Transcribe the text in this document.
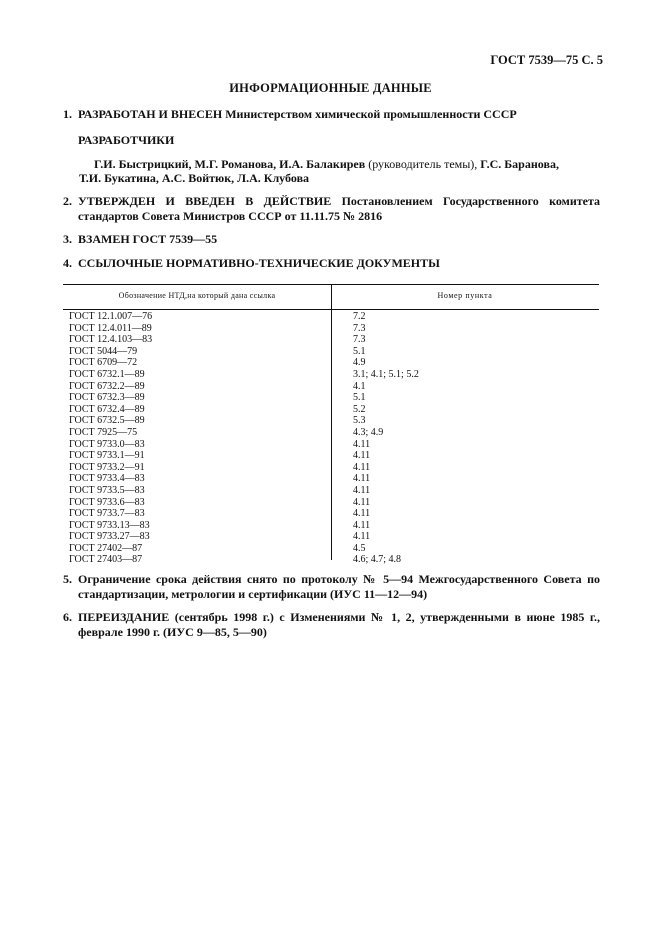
ГОСТ 7539—75 С. 5
ИНФОРМАЦИОННЫЕ ДАННЫЕ
1. РАЗРАБОТАН И ВНЕСЕН Министерством химической промышленности СССР
РАЗРАБОТЧИКИ
Г.И. Быстрицкий, М.Г. Романова, И.А. Балакирев (руководитель темы), Г.С. Баранова,
Т.И. Букатина, А.С. Войтюк, Л.А. Клубова
2. УТВЕРЖДЕН И ВВЕДЕН В ДЕЙСТВИЕ Постановлением Государственного комитета стандартов Совета Министров СССР от 11.11.75 № 2816
3. ВЗАМЕН ГОСТ 7539—55
4. ССЫЛОЧНЫЕ НОРМАТИВНО-ТЕХНИЧЕСКИЕ ДОКУМЕНТЫ
Обозначение НТД,на который дана ссылка	Номер пункта
ГОСТ 12.1.007—76
ГОСТ 12.4.011—89
ГОСТ 12.4.103—83
ГОСТ 5044—79
ГОСТ 6709—72
ГОСТ 6732.1—89
ГОСТ 6732.2—89
ГОСТ 6732.3—89
ГОСТ 6732.4—89
ГОСТ 6732.5—89
ГОСТ 7925—75
ГОСТ 9733.0—83
ГОСТ 9733.1—91
ГОСТ 9733.2—91
ГОСТ 9733.4—83
ГОСТ 9733.5—83
ГОСТ 9733.6—83
ГОСТ 9733.7—83
ГОСТ 9733.13—83
ГОСТ 9733.27—83
ГОСТ 27402—87
ГОСТ 27403—87
7.2
7.3
7.3
5.1
4.9
3.1; 4.1; 5.1; 5.2
4.1
5.1
5.2
5.3
4.3; 4.9
4.11
4.11
4.11
4.11
4.11
4.11
4.11
4.11
4.11
4.5
4.6; 4.7; 4.8
5. Ограничение срока действия снято по протоколу № 5—94 Межгосударственного Совета по стандартизации, метрологии и сертификации (ИУС 11—12—94)
6. ПЕРЕИЗДАНИЕ (сентябрь 1998 г.) с Изменениями № 1, 2, утвержденными в июне 1985 г., феврале 1990 г. (ИУС 9—85, 5—90)
